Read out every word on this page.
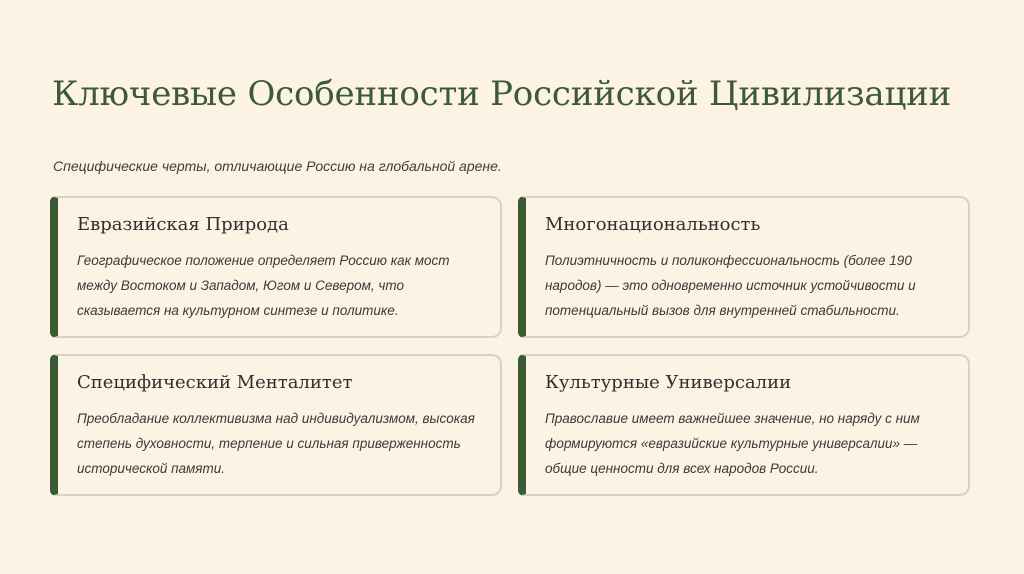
Ключевые Особенности Российской Цивилизации
Специфические черты, отличающие Россию на глобальной арене.
Евразийская Природа
Географическое положение определяет Россию как мост между Востоком и Западом, Югом и Севером, что сказывается на культурном синтезе и политике.
Многонациональность
Полиэтничность и поликонфессиональность (более 190 народов) — это одновременно источник устойчивости и потенциальный вызов для внутренней стабильности.
Специфический Менталитет
Преобладание коллективизма над индивидуализмом, высокая степень духовности, терпение и сильная приверженность исторической памяти.
Культурные Универсалии
Православие имеет важнейшее значение, но наряду с ним формируются «евразийские культурные универсалии» — общие ценности для всех народов России.
